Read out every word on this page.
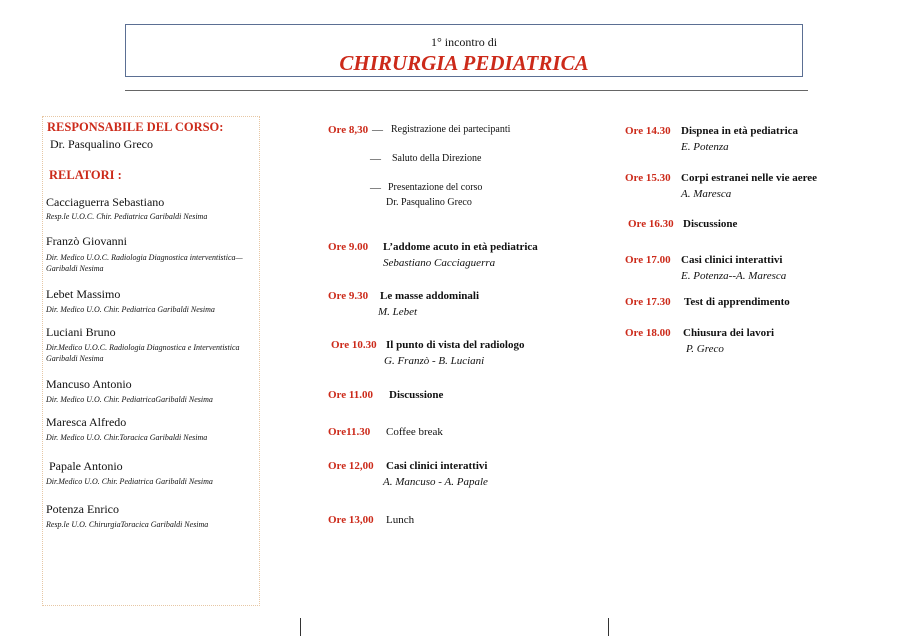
1° incontro di
CHIRURGIA PEDIATRICA
RESPONSABILE DEL CORSO:
Dr. Pasqualino Greco
RELATORI :
Cacciaguerra Sebastiano
Resp.le U.O.C. Chir. Pediatrica Garibaldi Nesima
Franzò Giovanni
Dir. Medico U.O.C. Radiologia Diagnostica interventistica—Garibaldi Nesima
Lebet Massimo
Dir. Medico U.O. Chir. Pediatrica Garibaldi Nesima
Luciani Bruno
Dir.Medico U.O.C. Radiologia Diagnostica e Interventistica Garibaldi Nesima
Mancuso Antonio
Dir. Medico U.O. Chir. PediatricaGaribaldi Nesima
Maresca Alfredo
Dir. Medico U.O. Chir.Toracica Garibaldi Nesima
Papale Antonio
Dir.Medico U.O. Chir. Pediatrica Garibaldi Nesima
Potenza Enrico
Resp.le U.O. ChirurgiaToracica Garibaldi Nesima
Ore 8,30 — Registrazione dei partecipanti
— Saluto della Direzione
— Presentazione del corso
Dr. Pasqualino Greco
Ore 9.00 L’addome acuto in età pediatrica
Sebastiano Cacciaguerra
Ore 9.30 Le masse addominali
M. Lebet
Ore 10.30 Il punto di vista del radiologo
G. Franzò - B. Luciani
Ore 11.00 Discussione
Ore11.30 Coffee break
Ore 12,00 Casi clinici interattivi
A. Mancuso - A. Papale
Ore 13,00 Lunch
Ore 14.30 Dispnea in età pediatrica
E. Potenza
Ore 15.30 Corpi estranei nelle vie aeree
A. Maresca
Ore 16.30 Discussione
Ore 17.00 Casi clinici interattivi
E. Potenza--A. Maresca
Ore 17.30 Test di apprendimento
Ore 18.00 Chiusura dei lavori
P. Greco
